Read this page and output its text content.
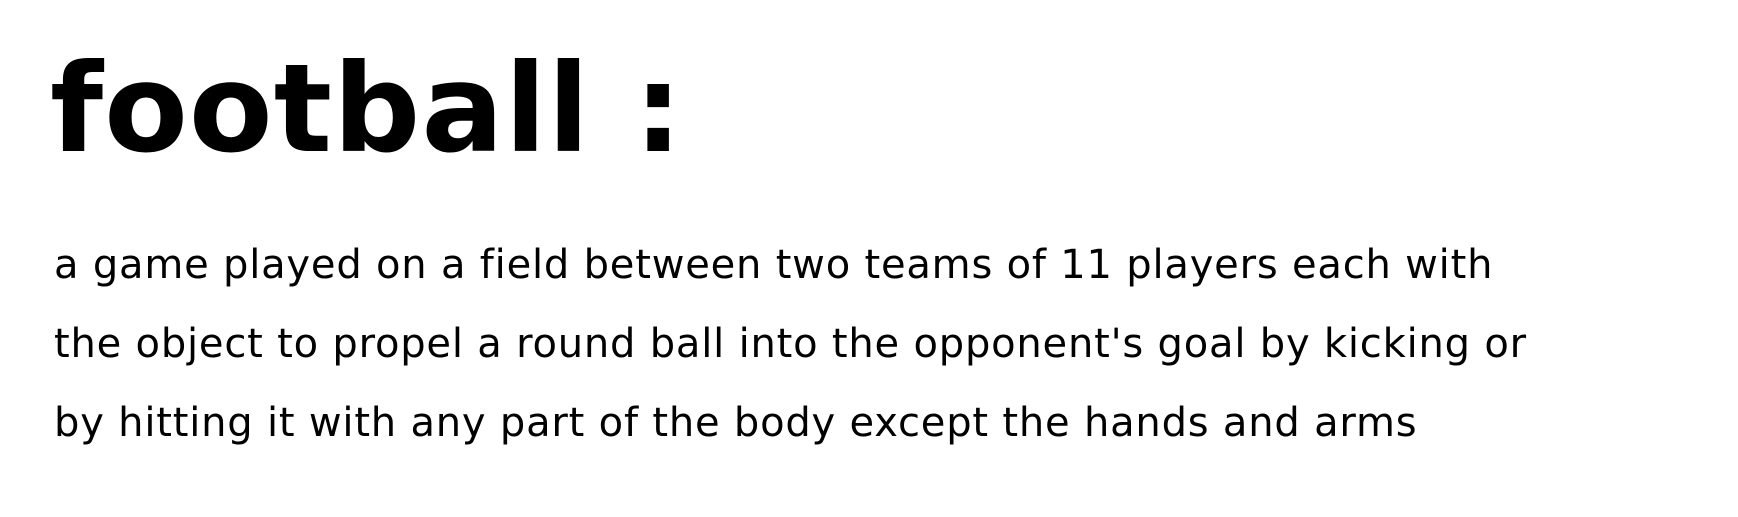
football :

a game played on a field between two teams of 11 players each with

the object to propel a round ball into the opponent's goal by kicking or

by hitting it with any part of the body except the hands and arms
